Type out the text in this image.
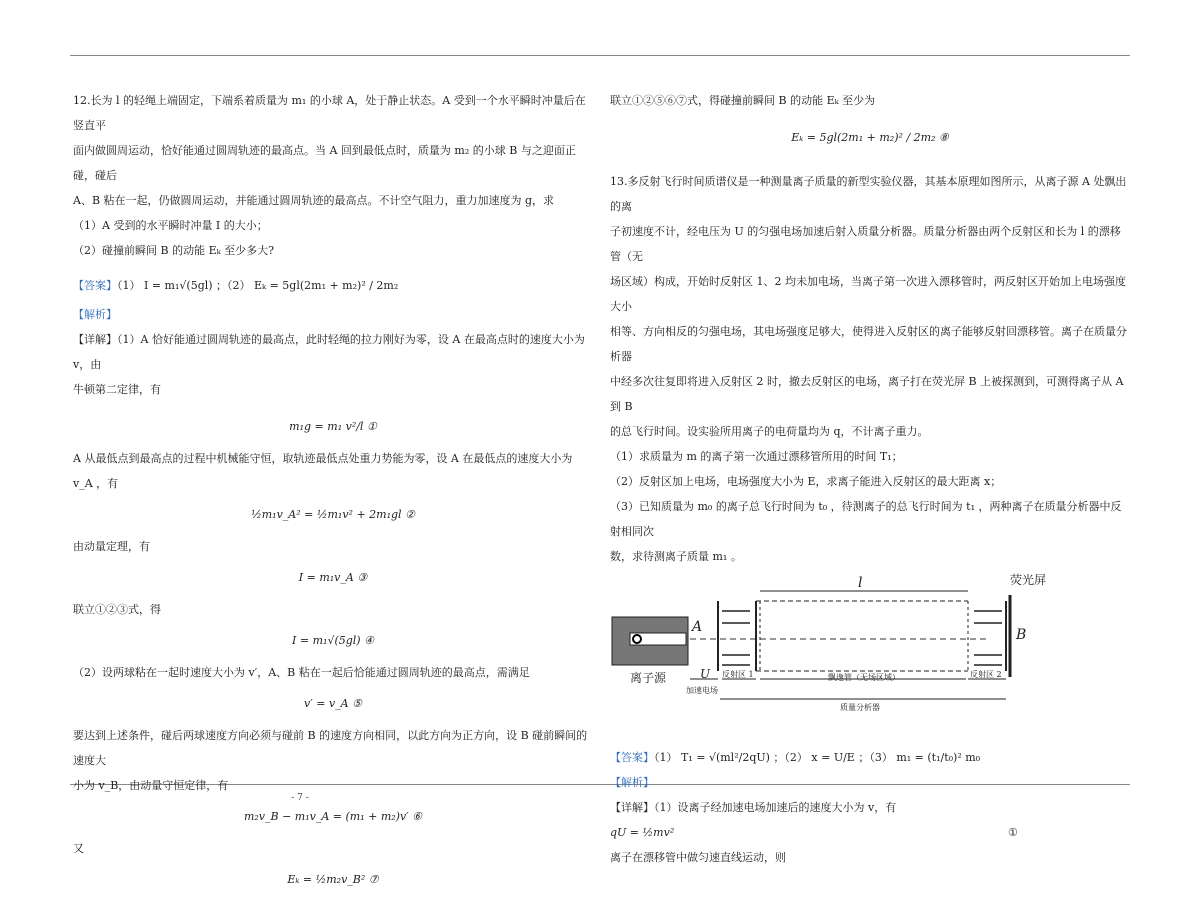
12.长为 l 的轻绳上端固定，下端系着质量为 m₁ 的小球 A，处于静止状态。A 受到一个水平瞬时冲量后在竖直平

面内做圆周运动，恰好能通过圆周轨迹的最高点。当 A 回到最低点时，质量为 m₂ 的小球 B 与之迎面正碰，碰后

A、B 粘在一起，仍做圆周运动，并能通过圆周轨迹的最高点。不计空气阻力，重力加速度为 g，求

（1）A 受到的水平瞬时冲量 I 的大小；

（2）碰撞前瞬间 B 的动能 Eₖ 至少多大?

【答案】（1） I = m₁√(5gl) ；（2） Eₖ = 5gl(2m₁ + m₂)² / 2m₂

【解析】

【详解】（1）A 恰好能通过圆周轨迹的最高点，此时轻绳的拉力刚好为零，设 A 在最高点时的速度大小为 v，由

牛顿第二定律，有

m₁g = m₁ v²/l ①

A 从最低点到最高点的过程中机械能守恒，取轨迹最低点处重力势能为零，设 A 在最低点的速度大小为 v_A ，有

½m₁v_A² = ½m₁v² + 2m₁gl ②

由动量定理，有

I = m₁v_A ③

联立①②③式，得

I = m₁√(5gl) ④

（2）设两球粘在一起时速度大小为 v′，A、B 粘在一起后恰能通过圆周轨迹的最高点，需满足

v′ = v_A ⑤

要达到上述条件，碰后两球速度方向必须与碰前 B 的速度方向相同，以此方向为正方向，设 B 碰前瞬间的速度大

小为 v_B，由动量守恒定律，有

m₂v_B − m₁v_A = (m₁ + m₂)v′ ⑥

又

Eₖ = ½m₂v_B² ⑦

联立①②⑤⑥⑦式，得碰撞前瞬间 B 的动能 Eₖ 至少为

Eₖ = 5gl(2m₁ + m₂)² / 2m₂ ⑧

13.多反射飞行时间质谱仪是一种测量离子质量的新型实验仪器，其基本原理如图所示，从离子源 A 处飘出的离

子初速度不计，经电压为 U 的匀强电场加速后射入质量分析器。质量分析器由两个反射区和长为 l 的漂移管（无

场区域）构成，开始时反射区 1、2 均未加电场，当离子第一次进入漂移管时，两反射区开始加上电场强度大小

相等、方向相反的匀强电场，其电场强度足够大，使得进入反射区的离子能够反射回漂移管。离子在质量分析器

中经多次往复即将进入反射区 2 时，撤去反射区的电场，离子打在荧光屏 B 上被探测到，可测得离子从 A 到 B

的总飞行时间。设实验所用离子的电荷量均为 q，不计离子重力。

（1）求质量为 m 的离子第一次通过漂移管所用的时间 T₁；

（2）反射区加上电场，电场强度大小为 E，求离子能进入反射区的最大距离 x；

（3）已知质量为 m₀ 的离子总飞行时间为 t₀ ，待测离子的总飞行时间为 t₁ ，两种离子在质量分析器中反射相同次

数，求待测离子质量 m₁ 。

l	荧光屏
A	B
离子源	U
加速电场
反射区 1	飘逸管（无场区域）	反射区 2
质量分析器

【答案】（1） T₁ = √(ml²/2qU) ；（2） x = U/E ；（3） m₁ = (t₁/t₀)² m₀

【解析】

【详解】（1）设离子经加速电场加速后的速度大小为 v，有

qU = ½mv²	①

离子在漂移管中做匀速直线运动，则

- 7 -
